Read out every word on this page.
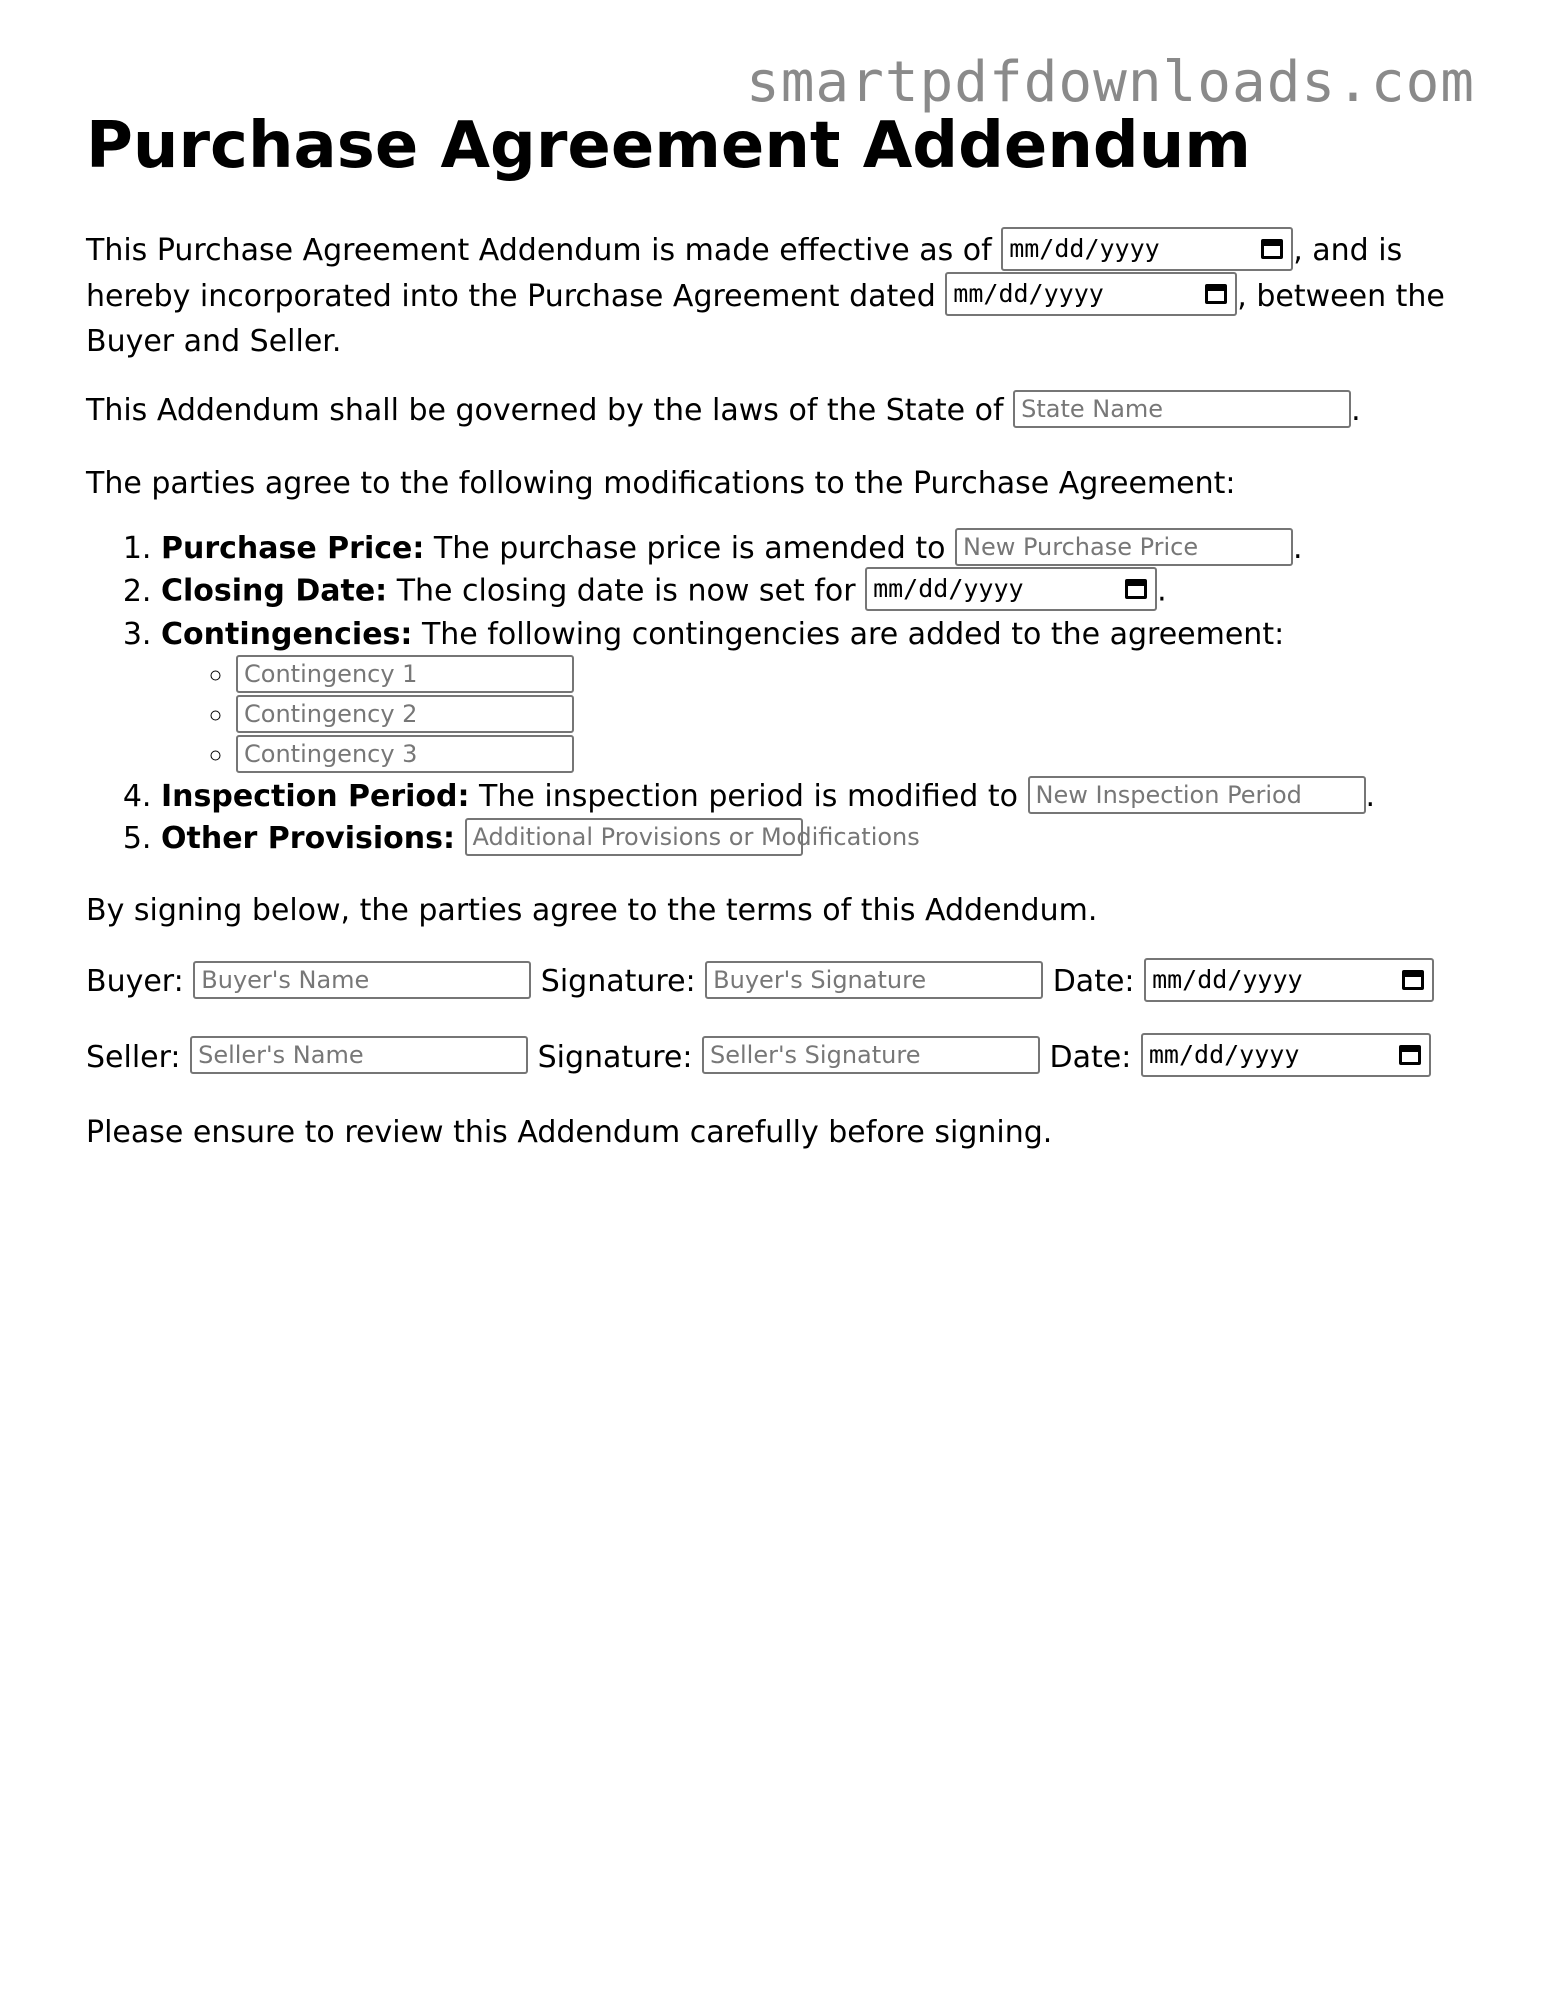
smartpdfdownloads.com
Purchase Agreement Addendum

This Purchase Agreement Addendum is made effective as of mm/dd/yyyy	, and is hereby incorporated into the Purchase Agreement dated mm/dd/yyyy	, between the Buyer and Seller.

This Addendum shall be governed by the laws of the State of State Name	.

The parties agree to the following modifications to the Purchase Agreement:

1. Purchase Price: The purchase price is amended to New Purchase Price	.
2. Closing Date: The closing date is now set for mm/dd/yyyy	.
3. Contingencies: The following contingencies are added to the agreement:
◦ Contingency 1
◦ Contingency 2
◦ Contingency 3
4. Inspection Period: The inspection period is modified to New Inspection Period .
5. Other Provisions: Additional Provisions or Modifications

By signing below, the parties agree to the terms of this Addendum.

Buyer: Buyer's Name	Signature: Buyer's Signature	Date: mm/dd/yyyy
Seller: Seller's Name	Signature: Seller's Signature	Date: mm/dd/yyyy

Please ensure to review this Addendum carefully before signing.
